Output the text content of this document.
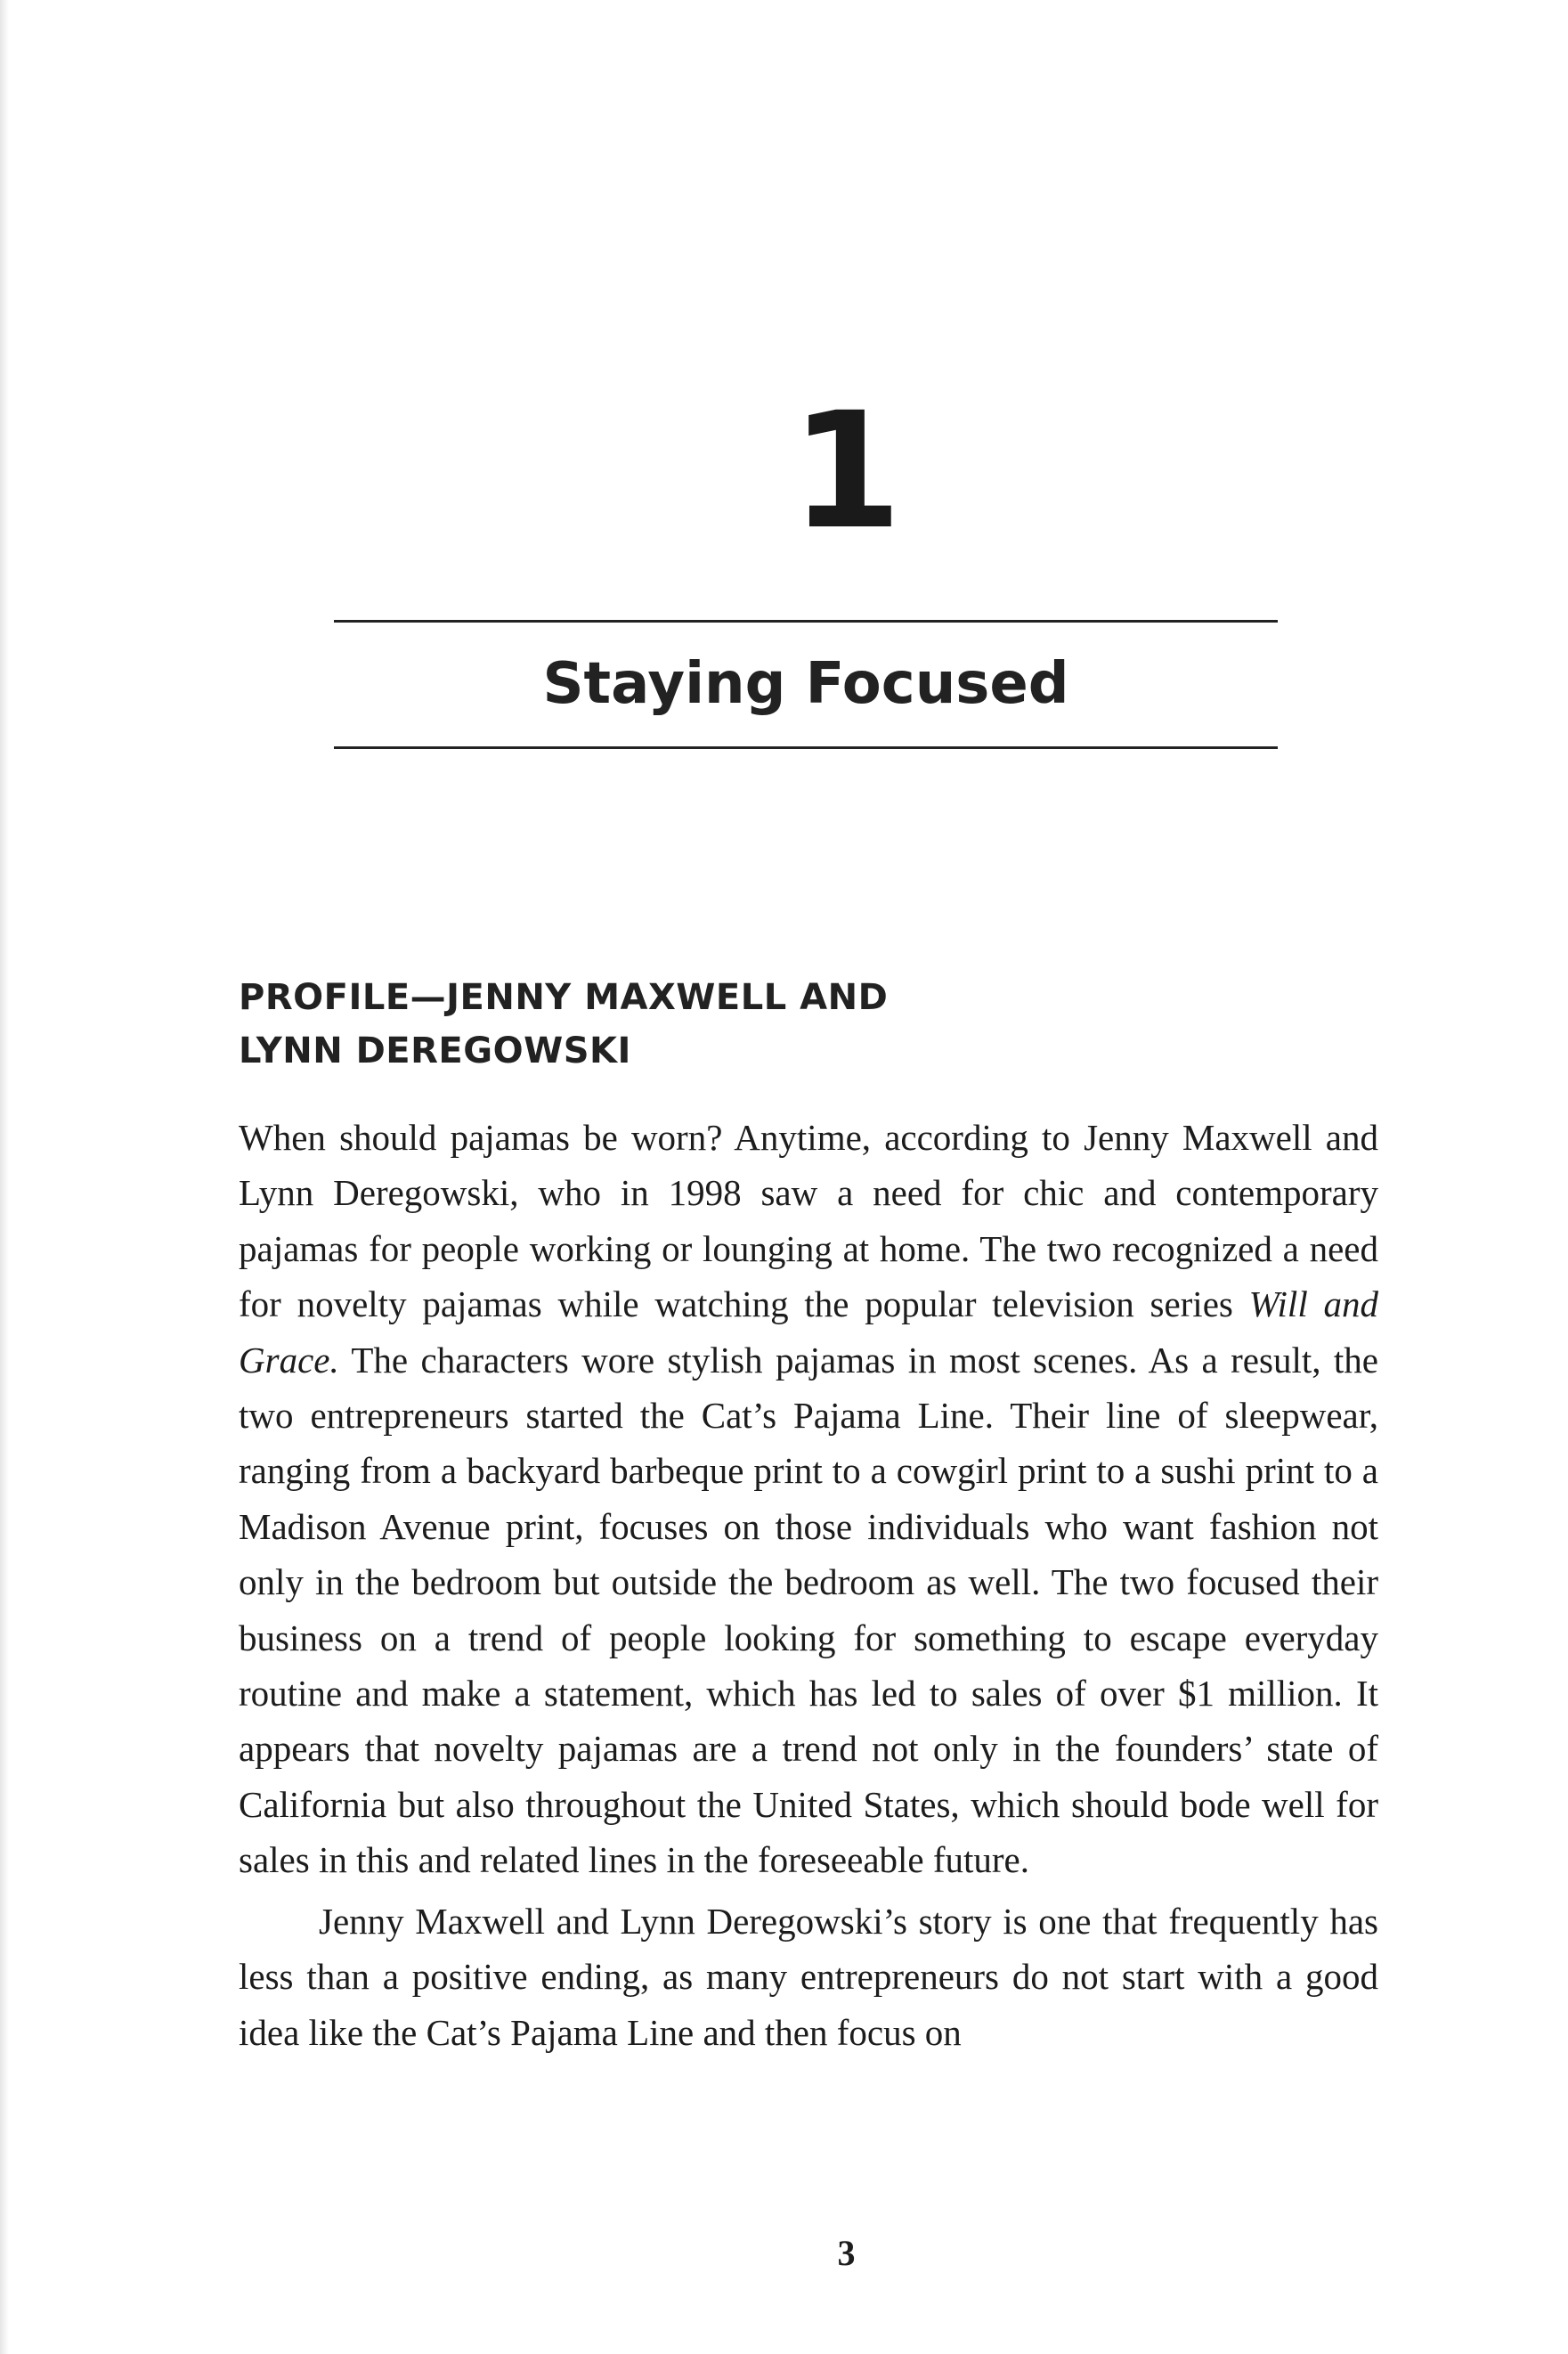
1
Staying Focused
PROFILE—JENNY MAXWELL AND
LYNN DEREGOWSKI

When should pajamas be worn? Anytime, according to Jenny Maxwell and Lynn Deregowski, who in 1998 saw a need for chic and contemporary pajamas for people working or lounging at home. The two recognized a need for novelty pajamas while watching the popular television series Will and Grace. The characters wore stylish pajamas in most scenes. As a result, the two entrepreneurs started the Cat’s Pajama Line. Their line of sleepwear, ranging from a backyard barbeque print to a cowgirl print to a sushi print to a Madison Avenue print, focuses on those individuals who want fashion not only in the bedroom but outside the bedroom as well. The two focused their business on a trend of people looking for something to escape everyday routine and make a statement, which has led to sales of over $1 million. It appears that novelty pajamas are a trend not only in the founders’ state of California but also throughout the United States, which should bode well for sales in this and related lines in the foreseeable future.

Jenny Maxwell and Lynn Deregowski’s story is one that frequently has less than a positive ending, as many entrepreneurs do not start with a good idea like the Cat’s Pajama Line and then focus on

3
